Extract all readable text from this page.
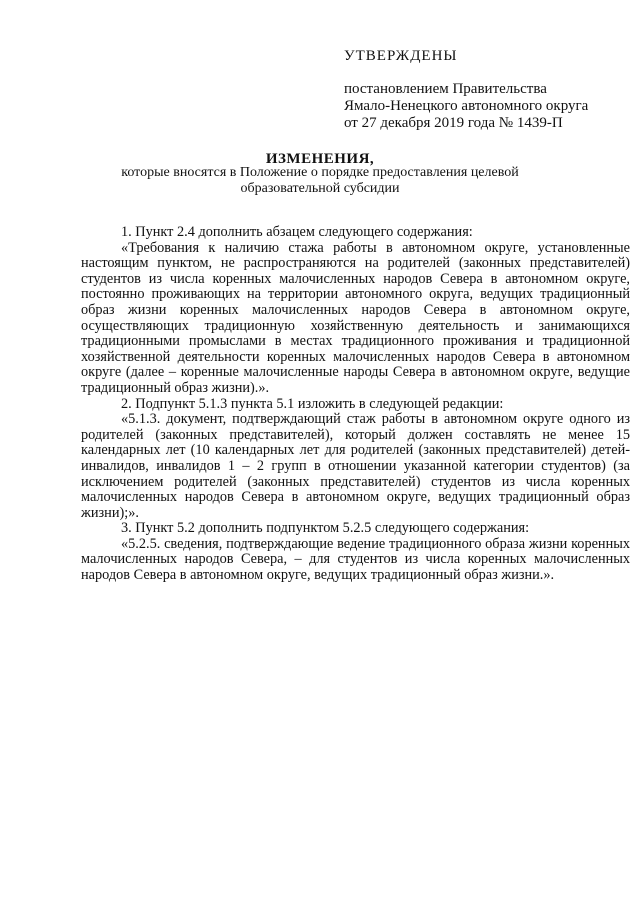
УТВЕРЖДЕНЫ
постановлением Правительства
Ямало-Ненецкого автономного округа
от 27 декабря 2019 года № 1439-П
ИЗМЕНЕНИЯ,
которые вносятся в Положение о порядке предоставления целевой образовательной субсидии

1. Пункт 2.4 дополнить абзацем следующего содержания:

«Требования к наличию стажа работы в автономном округе, установленные настоящим пунктом, не распространяются на родителей (законных представителей) студентов из числа коренных малочисленных народов Севера в автономном округе, постоянно проживающих на территории автономного округа, ведущих традиционный образ жизни коренных малочисленных народов Севера в автономном округе, осуществляющих традиционную хозяйственную деятельность и занимающихся традиционными промыслами в местах традиционного проживания и традиционной хозяйственной деятельности коренных малочисленных народов Севера в автономном округе (далее – коренные малочисленные народы Севера в автономном округе, ведущие традиционный образ жизни).».

2. Подпункт 5.1.3 пункта 5.1 изложить в следующей редакции:

«5.1.3. документ, подтверждающий стаж работы в автономном округе одного из родителей (законных представителей), который должен составлять не менее 15 календарных лет (10 календарных лет для родителей (законных представителей) детей-инвалидов, инвалидов 1 – 2 групп в отношении указанной категории студентов) (за исключением родителей (законных представителей) студентов из числа коренных малочисленных народов Севера в автономном округе, ведущих традиционный образ жизни);».

3. Пункт 5.2 дополнить подпунктом 5.2.5 следующего содержания:

«5.2.5. сведения, подтверждающие ведение традиционного образа жизни коренных малочисленных народов Севера, – для студентов из числа коренных малочисленных народов Севера в автономном округе, ведущих традиционный образ жизни.».
